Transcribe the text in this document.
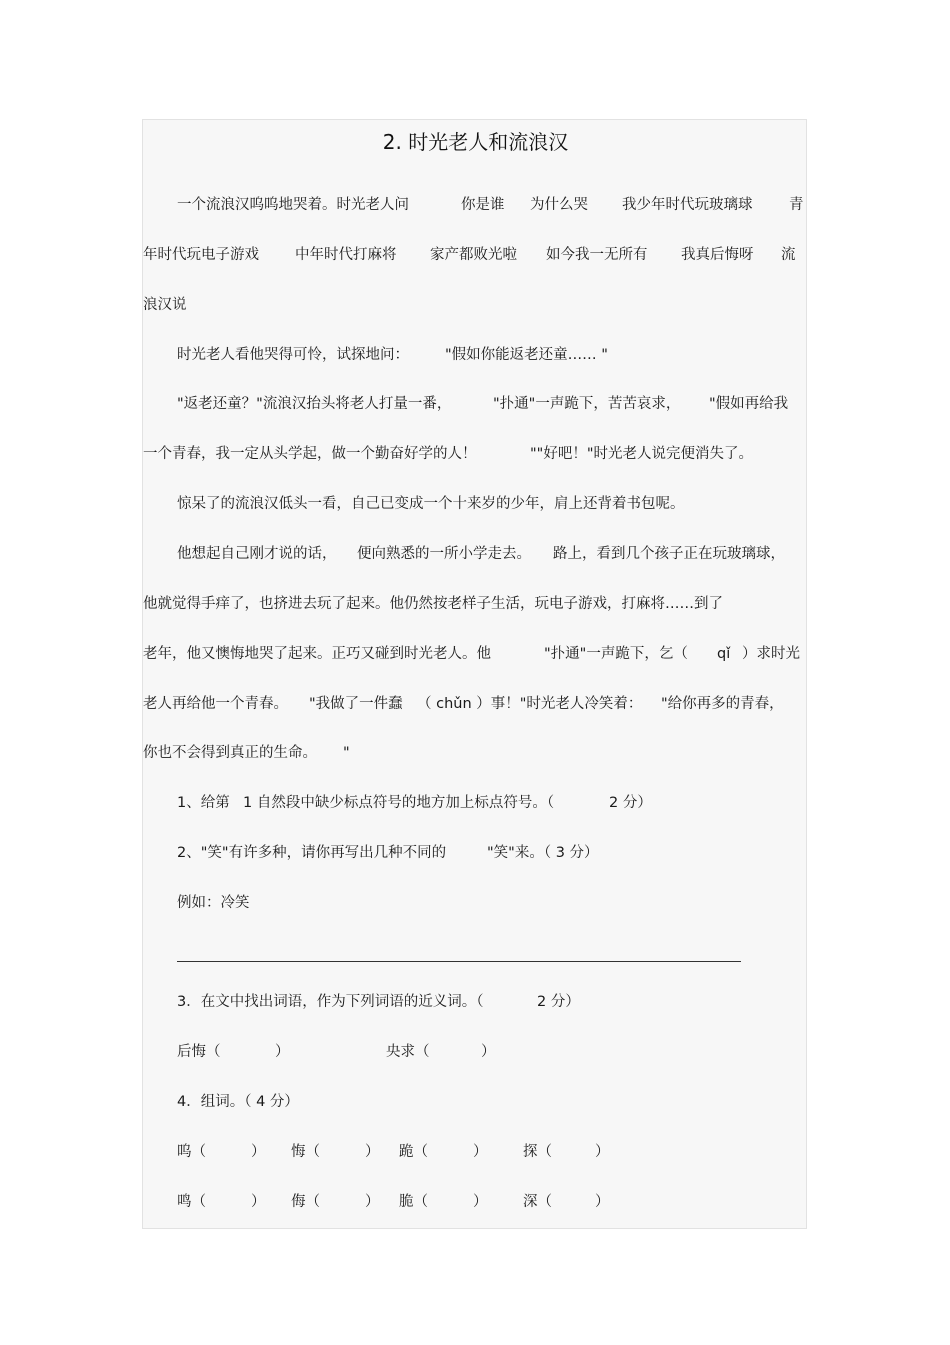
2. 时光老人和流浪汉
一个流浪汉呜呜地哭着。时光老人问	你是谁 为什么哭 我少年时代玩玻璃球	青
年时代玩电子游戏 中年时代打麻将 家产都败光啦 如今我一无所有 我真后悔呀 流
浪汉说
时光老人看他哭得可怜，试探地问： "假如你能返老还童…… "
"返老还童？"流浪汉抬头将老人打量一番，	"扑通"一声跪下，苦苦哀求， "假如再给我
一个青春，我一定从头学起，做一个勤奋好学的人！	""好吧！"时光老人说完便消失了。
惊呆了的流浪汉低头一看，自己已变成一个十来岁的少年，肩上还背着书包呢。
他想起自己刚才说的话， 便向熟悉的一所小学走去。 路上，看到几个孩子正在玩玻璃球，
他就觉得手痒了，也挤进去玩了起来。他仍然按老样子生活，玩电子游戏，打麻将……到了
老年，他又懊悔地哭了起来。正巧又碰到时光老人。他	"扑通"一声跪下，乞（ qǐ ）求时光
老人再给他一个青春。 "我做了一件蠢 （ chǔn ）事！"时光老人冷笑着： "给你再多的青春，
你也不会得到真正的生命。 "
1、给第 1 自然段中缺少标点符号的地方加上标点符号。（	2 分）
2、"笑"有许多种，请你再写出几种不同的	"笑"来。（ 3 分）
例如：冷笑
3．在文中找出词语，作为下列词语的近义词。（	2 分）
后悔（	）	央求（	）
4．组词。（ 4 分）
呜（	） 悔（	） 跪（	） 探（	）
鸣（	） 侮（	） 脆（	） 深（	）
